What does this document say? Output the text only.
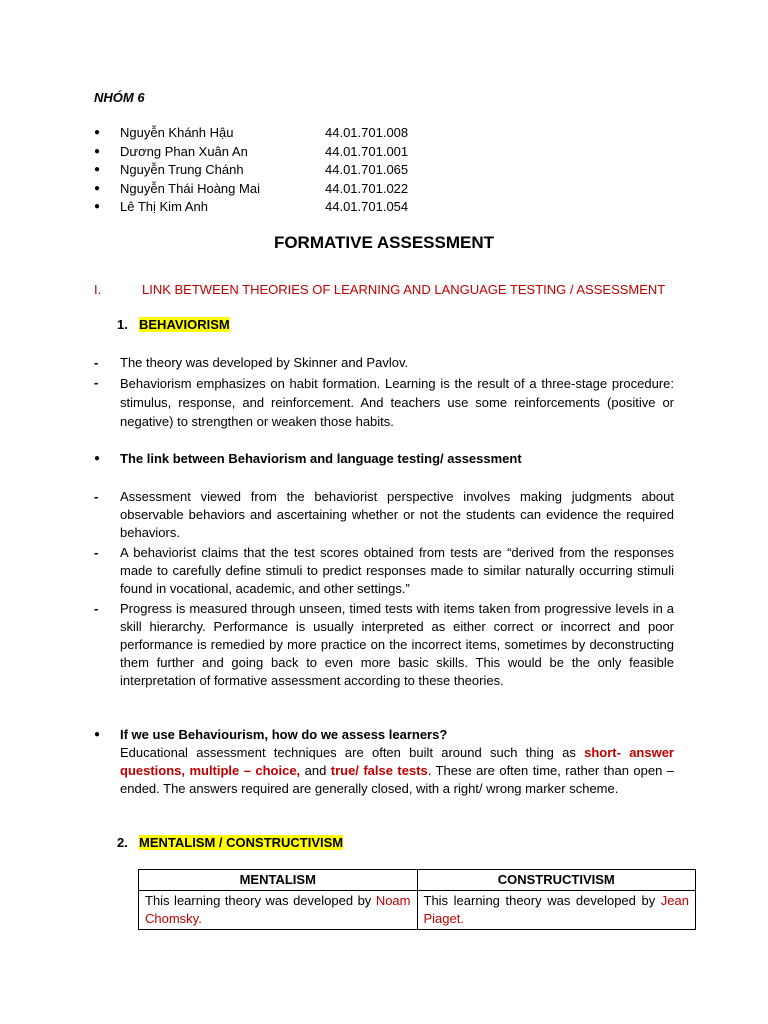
NHÓM 6
●	Nguyễn Khánh Hậu	44.01.701.008
●	Dương Phan Xuân An	44.01.701.001
●	Nguyễn Trung Chánh	44.01.701.065
●	Nguyễn Thái Hoàng Mai	44.01.701.022
●	Lê Thị Kim Anh	44.01.701.054
FORMATIVE ASSESSMENT
I.	LINK BETWEEN THEORIES OF LEARNING AND LANGUAGE TESTING / ASSESSMENT
1. BEHAVIORISM
-	The theory was developed by Skinner and Pavlov.
-	Behaviorism emphasizes on habit formation. Learning is the result of a three-stage procedure: stimulus, response, and reinforcement. And teachers use some reinforcements (positive or negative) to strengthen or weaken those habits.
●	The link between Behaviorism and language testing/ assessment
-	Assessment viewed from the behaviorist perspective involves making judgments about observable behaviors and ascertaining whether or not the students can evidence the required behaviors.
-	A behaviorist claims that the test scores obtained from tests are “derived from the responses made to carefully define stimuli to predict responses made to similar naturally occurring stimuli found in vocational, academic, and other settings.”
-	Progress is measured through unseen, timed tests with items taken from progressive levels in a skill hierarchy. Performance is usually interpreted as either correct or incorrect and poor performance is remedied by more practice on the incorrect items, sometimes by deconstructing them further and going back to even more basic skills. This would be the only feasible interpretation of formative assessment according to these theories.
●	If we use Behaviourism, how do we assess learners?
Educational assessment techniques are often built around such thing as short- answer questions, multiple – choice, and true/ false tests. These are often time, rather than open – ended. The answers required are generally closed, with a right/ wrong marker scheme.
2. MENTALISM / CONSTRUCTIVISM
MENTALISM	CONSTRUCTIVISM
This learning theory was developed by Noam Chomsky.	This learning theory was developed by Jean Piaget.
